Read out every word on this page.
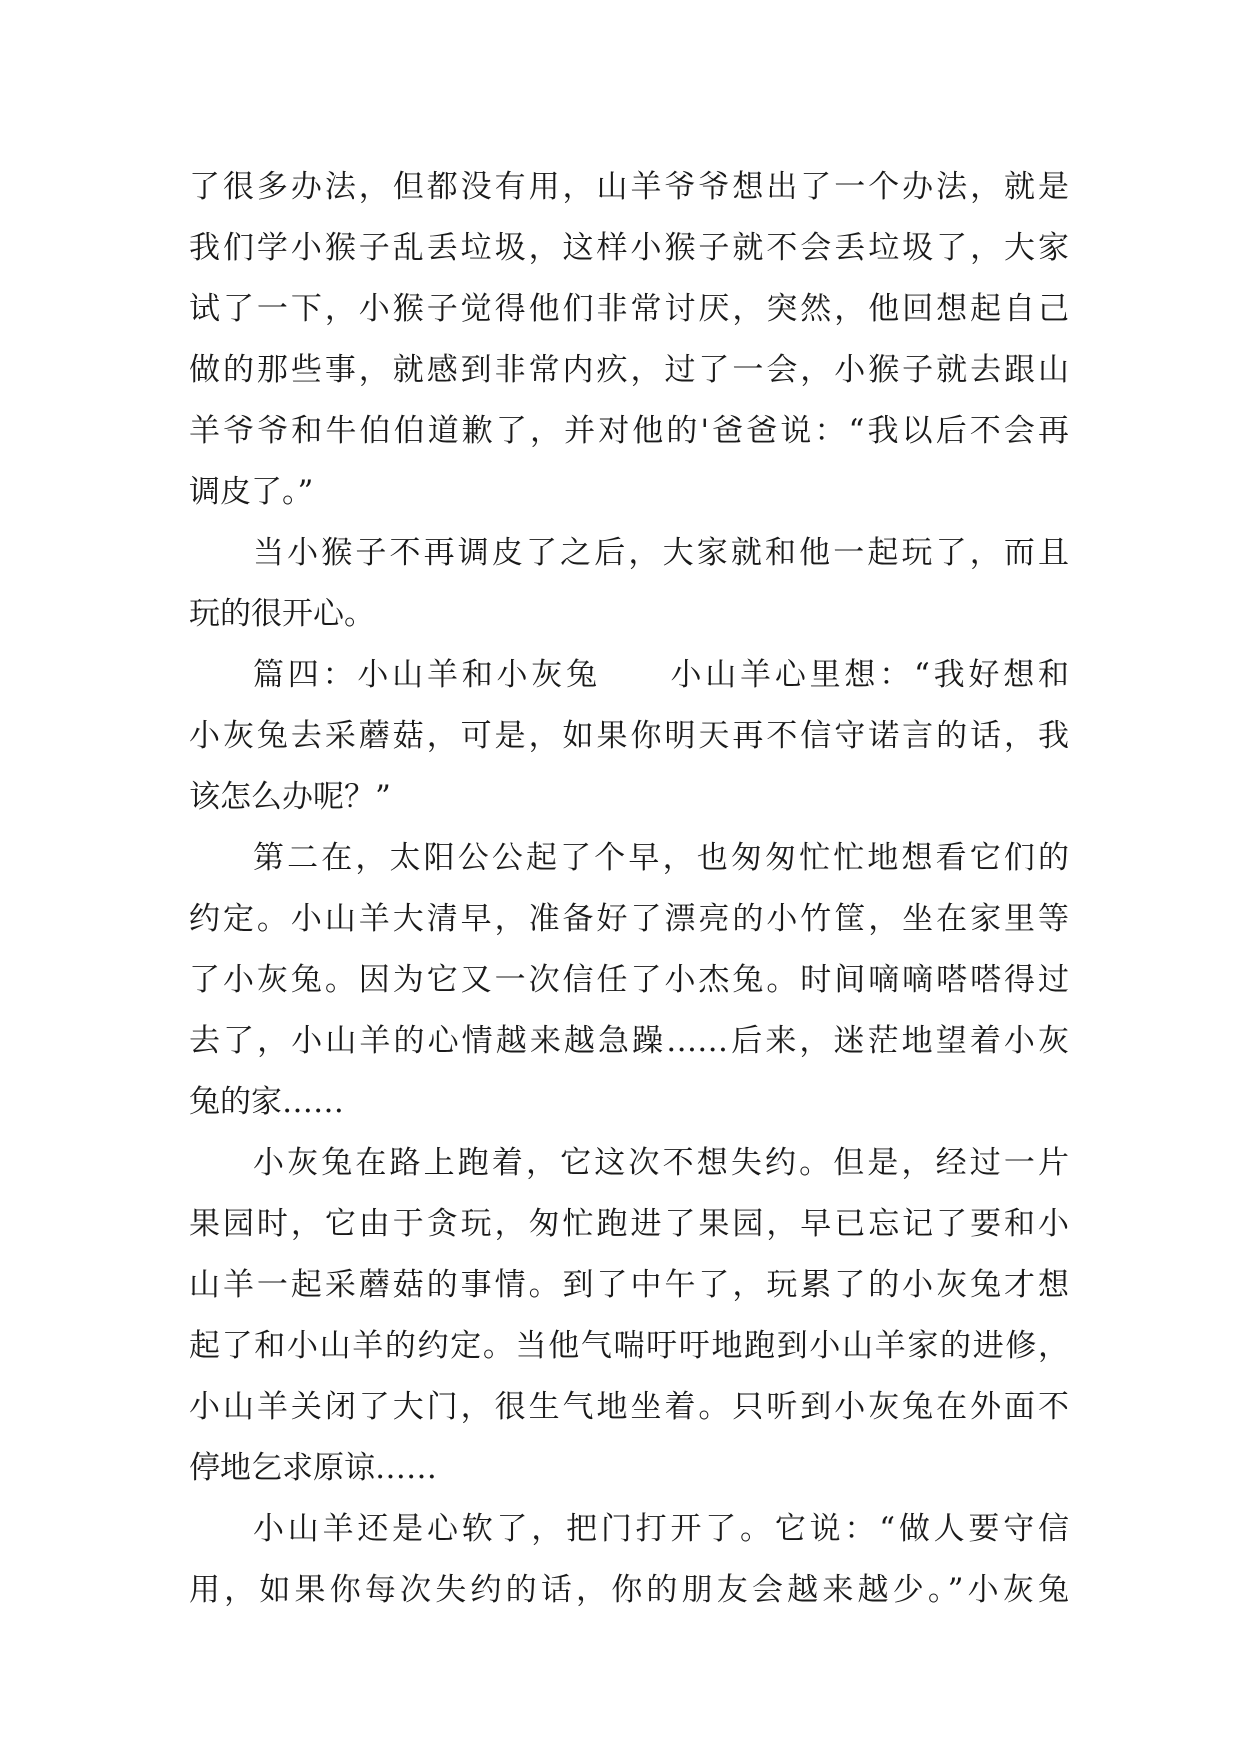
了很多办法，但都没有用，山羊爷爷想出了一个办法，就是
我们学小猴子乱丢垃圾，这样小猴子就不会丢垃圾了，大家
试了一下，小猴子觉得他们非常讨厌，突然，他回想起自己
做的那些事，就感到非常内疚，过了一会，小猴子就去跟山
羊爷爷和牛伯伯道歉了，并对他的'爸爸说：“我以后不会再
调皮了。”
当小猴子不再调皮了之后，大家就和他一起玩了，而且
玩的很开心。
篇四：小山羊和小灰兔　　小山羊心里想：“我好想和
小灰兔去采蘑菇，可是，如果你明天再不信守诺言的话，我
该怎么办呢？”
第二在，太阳公公起了个早，也匆匆忙忙地想看它们的
约定。小山羊大清早，准备好了漂亮的小竹筐，坐在家里等
了小灰兔。因为它又一次信任了小杰兔。时间嘀嘀嗒嗒得过
去了，小山羊的心情越来越急躁……后来，迷茫地望着小灰
兔的家……
小灰兔在路上跑着，它这次不想失约。但是，经过一片
果园时，它由于贪玩，匆忙跑进了果园，早已忘记了要和小
山羊一起采蘑菇的事情。到了中午了，玩累了的小灰兔才想
起了和小山羊的约定。当他气喘吁吁地跑到小山羊家的进修，
小山羊关闭了大门，很生气地坐着。只听到小灰兔在外面不
停地乞求原谅……
小山羊还是心软了，把门打开了。它说：“做人要守信
用，如果你每次失约的话，你的朋友会越来越少。”小灰兔
